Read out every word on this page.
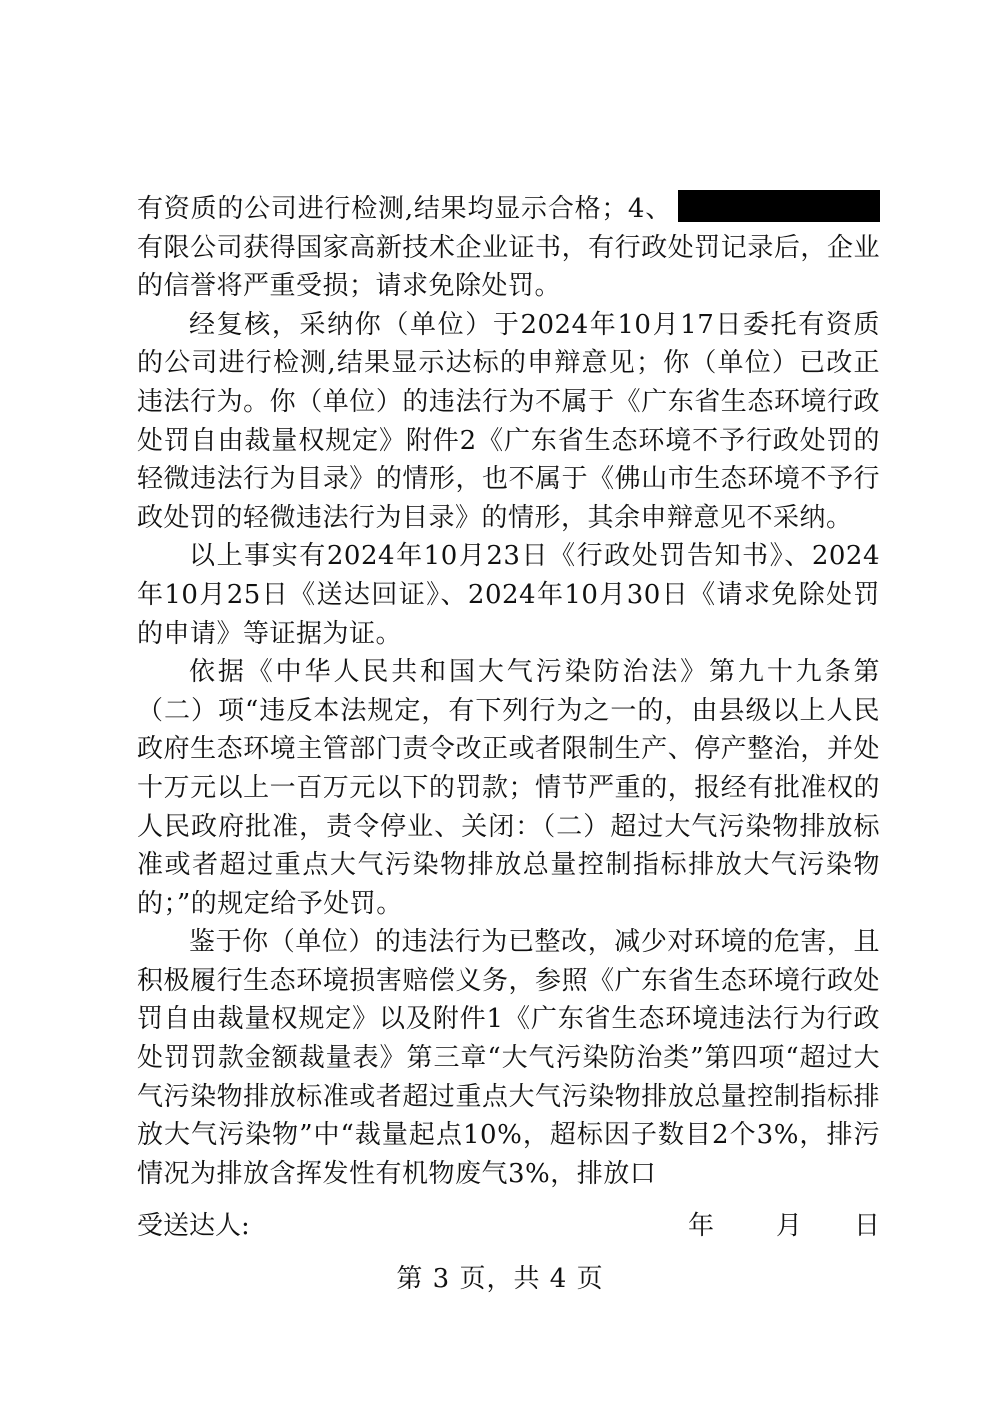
有资质的公司进行检测,结果均显示合格；4、有限公司获得国家高新技术企业证书，有行政处罚记录后，企业的信誉将严重受损；请求免除处罚。

经复核，采纳你（单位）于2024年10月17日委托有资质的公司进行检测,结果显示达标的申辩意见；你（单位）已改正违法行为。你（单位）的违法行为不属于《广东省生态环境行政处罚自由裁量权规定》附件2《广东省生态环境不予行政处罚的轻微违法行为目录》的情形，也不属于《佛山市生态环境不予行政处罚的轻微违法行为目录》的情形，其余申辩意见不采纳。

以上事实有2024年10月23日《行政处罚告知书》、2024年10月25日《送达回证》、2024年10月30日《请求免除处罚的申请》等证据为证。

依据《中华人民共和国大气污染防治法》第九十九条第（二）项“违反本法规定，有下列行为之一的，由县级以上人民政府生态环境主管部门责令改正或者限制生产、停产整治，并处十万元以上一百万元以下的罚款；情节严重的，报经有批准权的人民政府批准，责令停业、关闭：（二）超过大气污染物排放标准或者超过重点大气污染物排放总量控制指标排放大气污染物的；”的规定给予处罚。

鉴于你（单位）的违法行为已整改，减少对环境的危害，且积极履行生态环境损害赔偿义务，参照《广东省生态环境行政处罚自由裁量权规定》以及附件1《广东省生态环境违法行为行政处罚罚款金额裁量表》第三章“大气污染防治类”第四项“超过大气污染物排放标准或者超过重点大气污染物排放总量控制指标排放大气污染物”中“裁量起点10%，超标因子数目2个3%，排污情况为排放含挥发性有机物废气3%，排放口

受送达人:	年	月	日
第 3 页，共 4 页
